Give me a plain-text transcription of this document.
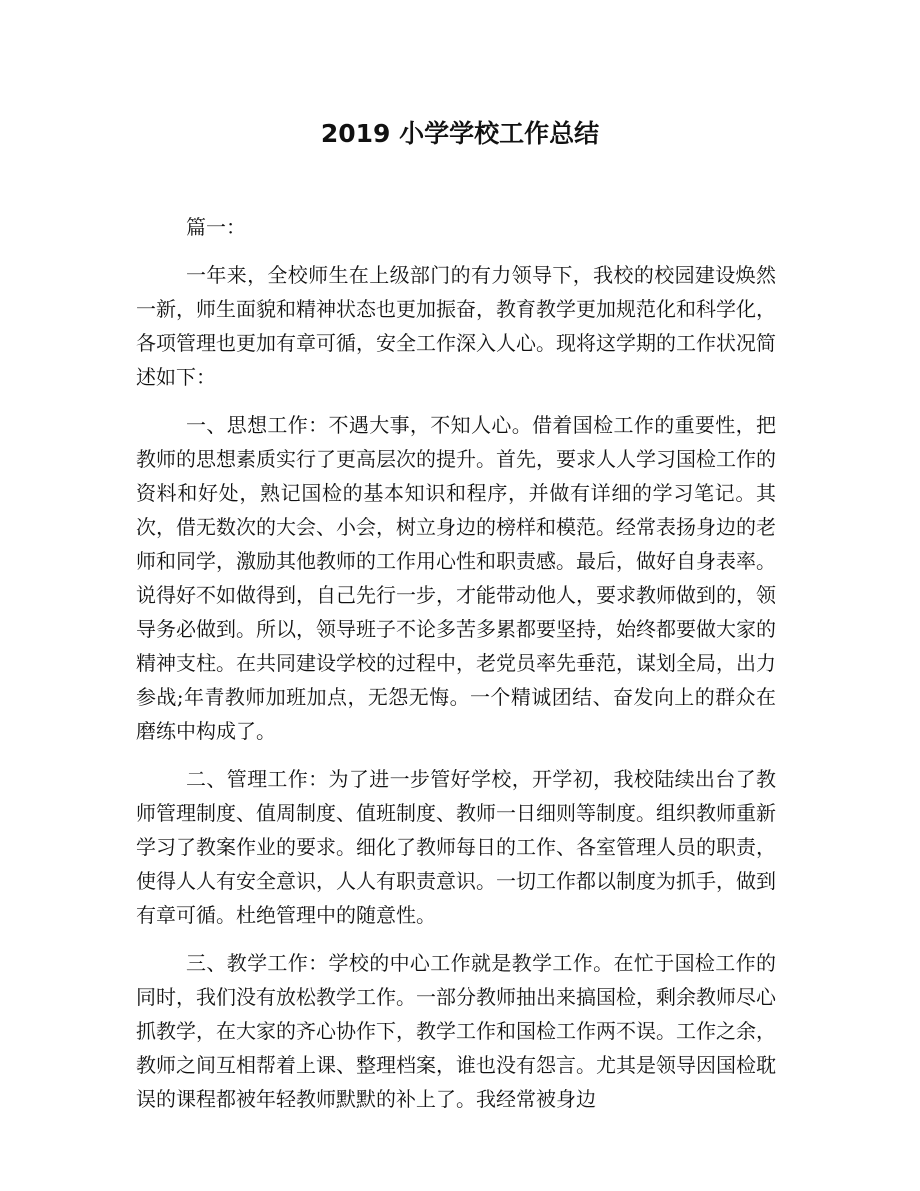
2019 小学学校工作总结

篇一：

一年来，全校师生在上级部门的有力领导下，我校的校园建设焕然一新，师生面貌和精神状态也更加振奋，教育教学更加规范化和科学化，各项管理也更加有章可循，安全工作深入人心。现将这学期的工作状况简述如下：

一、思想工作：不遇大事，不知人心。借着国检工作的重要性，把教师的思想素质实行了更高层次的提升。首先，要求人人学习国检工作的资料和好处，熟记国检的基本知识和程序，并做有详细的学习笔记。其次，借无数次的大会、小会，树立身边的榜样和模范。经常表扬身边的老师和同学，激励其他教师的工作用心性和职责感。最后，做好自身表率。说得好不如做得到，自己先行一步，才能带动他人，要求教师做到的，领导务必做到。所以，领导班子不论多苦多累都要坚持，始终都要做大家的精神支柱。在共同建设学校的过程中，老党员率先垂范，谋划全局，出力参战;年青教师加班加点，无怨无悔。一个精诚团结、奋发向上的群众在磨练中构成了。

二、管理工作：为了进一步管好学校，开学初，我校陆续出台了教师管理制度、值周制度、值班制度、教师一日细则等制度。组织教师重新学习了教案作业的要求。细化了教师每日的工作、各室管理人员的职责，使得人人有安全意识，人人有职责意识。一切工作都以制度为抓手，做到有章可循。杜绝管理中的随意性。

三、教学工作：学校的中心工作就是教学工作。在忙于国检工作的同时，我们没有放松教学工作。一部分教师抽出来搞国检，剩余教师尽心抓教学，在大家的齐心协作下，教学工作和国检工作两不误。工作之余，教师之间互相帮着上课、整理档案，谁也没有怨言。尤其是领导因国检耽误的课程都被年轻教师默默的补上了。我经常被身边
